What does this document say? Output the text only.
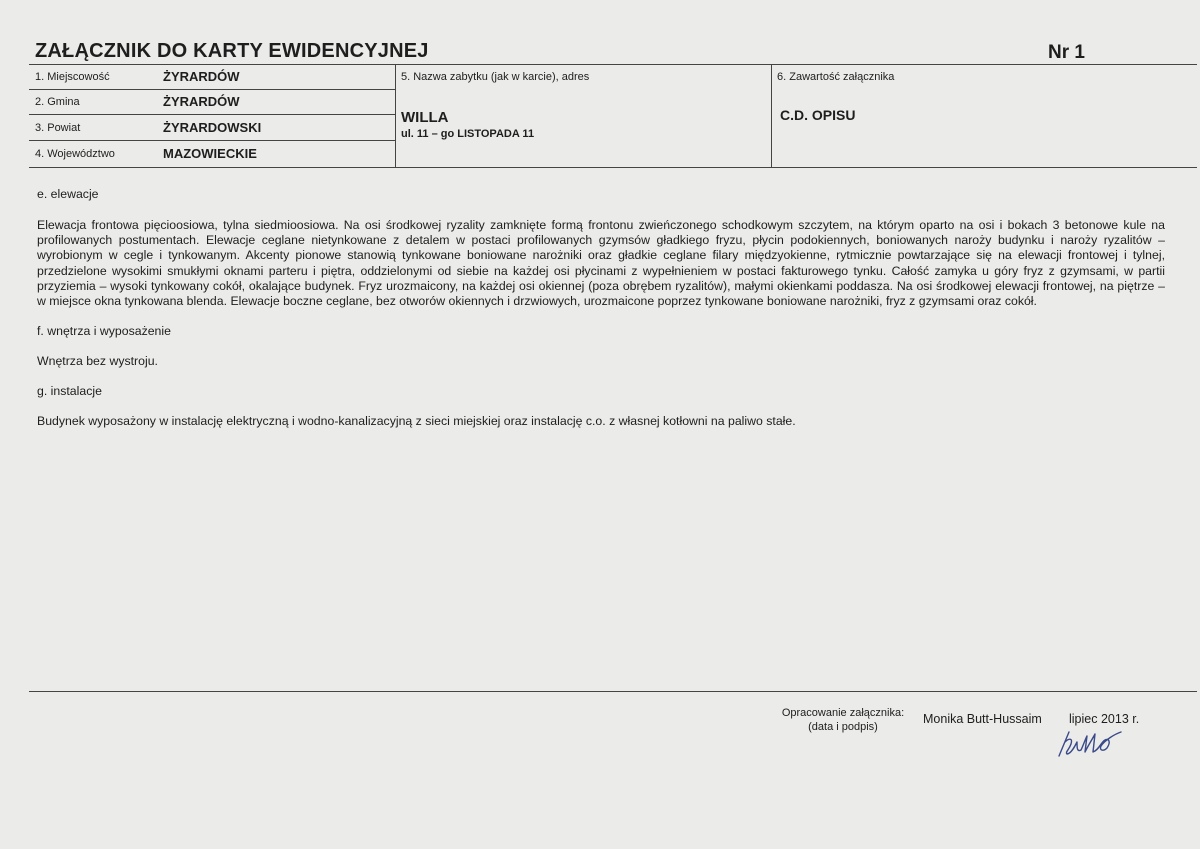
ZAŁĄCZNIK DO KARTY EWIDENCYJNEJ	Nr 1
1. Miejscowość	ŻYRARDÓW
2. Gmina	ŻYRARDÓW
3. Powiat	ŻYRARDOWSKI
4. Województwo	MAZOWIECKIE
5. Nazwa zabytku (jak w karcie), adres
WILLA
ul. 11 – go LISTOPADA 11
6. Zawartość załącznika
C.D. OPISU
e. elewacje
Elewacja frontowa pięcioosiowa, tylna siedmioosiowa. Na osi środkowej ryzality zamknięte formą frontonu zwieńczonego schodkowym szczytem, na którym oparto na osi i bokach 3 betonowe kule na profilowanych postumentach. Elewacje ceglane nietynkowane z detalem w postaci profilowanych gzymsów gładkiego fryzu, płycin podokiennych, boniowanych naroży budynku i naroży ryzalitów – wyrobionym w cegle i tynkowanym. Akcenty pionowe stanowią tynkowane boniowane narożniki oraz gładkie ceglane filary międzyokienne, rytmicznie powtarzające się na elewacji frontowej i tylnej, przedzielone wysokimi smukłymi oknami parteru i piętra, oddzielonymi od siebie na każdej osi płycinami z wypełnieniem w postaci fakturowego tynku. Całość zamyka u góry fryz z gzymsami, w partii przyziemia – wysoki tynkowany cokół, okalające budynek. Fryz urozmaicony, na każdej osi okiennej (poza obrębem ryzalitów), małymi okienkami poddasza. Na osi środkowej elewacji frontowej, na piętrze – w miejsce okna tynkowana blenda. Elewacje boczne ceglane, bez otworów okiennych i drzwiowych, urozmaicone poprzez tynkowane boniowane narożniki, fryz z gzymsami oraz cokół.
f. wnętrza i wyposażenie
Wnętrza bez wystroju.
g. instalacje
Budynek wyposażony w instalację elektryczną i wodno-kanalizacyjną z sieci miejskiej oraz instalację c.o. z własnej kotłowni na paliwo stałe.
Opracowanie załącznika:
(data i podpis)
Monika Butt-Hussaim lipiec 2013 r.
